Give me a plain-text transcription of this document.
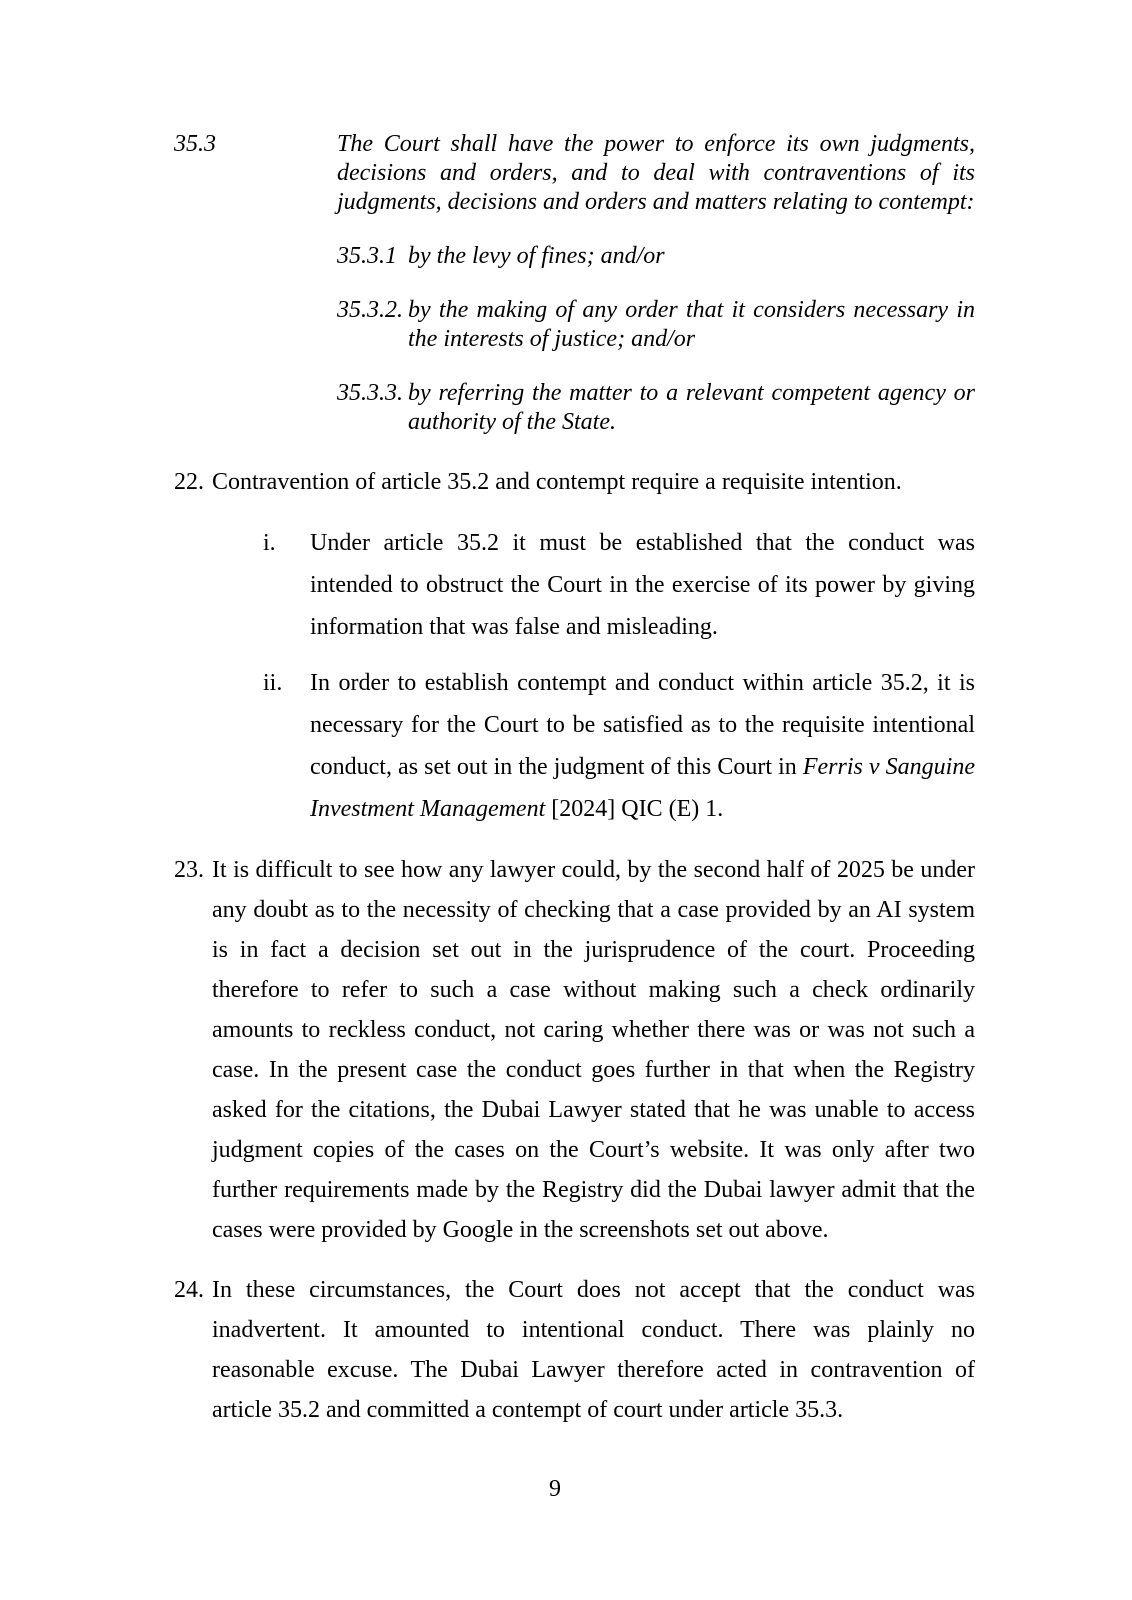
35.3	The Court shall have the power to enforce its own judgments, decisions and orders, and to deal with contraventions of its judgments, decisions and orders and matters relating to contempt:

35.3.1 by the levy of fines; and/or

35.3.2. by the making of any order that it considers necessary in the interests of justice; and/or

35.3.3. by referring the matter to a relevant competent agency or authority of the State.

22. Contravention of article 35.2 and contempt require a requisite intention.

i. Under article 35.2 it must be established that the conduct was intended to obstruct the Court in the exercise of its power by giving information that was false and misleading.

ii. In order to establish contempt and conduct within article 35.2, it is necessary for the Court to be satisfied as to the requisite intentional conduct, as set out in the judgment of this Court in Ferris v Sanguine Investment Management [2024] QIC (E) 1.

23. It is difficult to see how any lawyer could, by the second half of 2025 be under any doubt as to the necessity of checking that a case provided by an AI system is in fact a decision set out in the jurisprudence of the court. Proceeding therefore to refer to such a case without making such a check ordinarily amounts to reckless conduct, not caring whether there was or was not such a case. In the present case the conduct goes further in that when the Registry asked for the citations, the Dubai Lawyer stated that he was unable to access judgment copies of the cases on the Court’s website. It was only after two further requirements made by the Registry did the Dubai lawyer admit that the cases were provided by Google in the screenshots set out above.

24. In these circumstances, the Court does not accept that the conduct was inadvertent. It amounted to intentional conduct. There was plainly no reasonable excuse. The Dubai Lawyer therefore acted in contravention of article 35.2 and committed a contempt of court under article 35.3.

9
